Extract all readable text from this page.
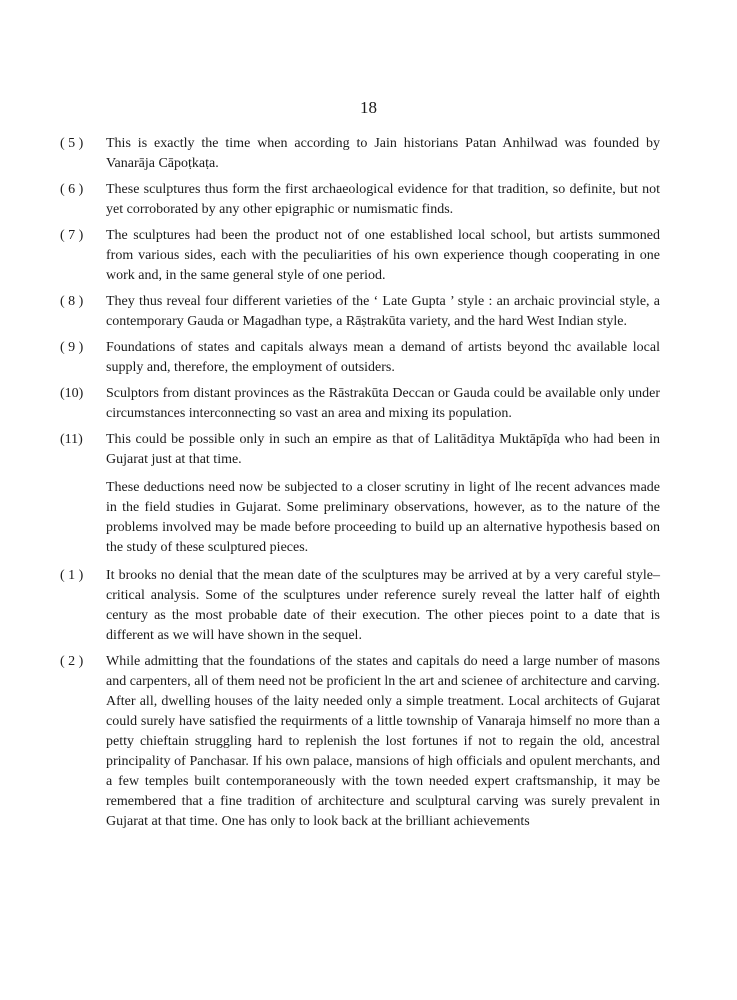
18
( 5 )	This is exactly the time when according to Jain historians Patan Anhilwad was founded by Vanarāja Cāpoṭkaṭa.
( 6 )	These sculptures thus form the first archaeological evidence for that tradition, so definite, but not yet corroborated by any other epigraphic or numismatic finds.
( 7 )	The sculptures had been the product not of one established local school, but artists summoned from various sides, each with the peculiarities of his own experience though cooperating in one work and, in the same general style of one period.
( 8 )	They thus reveal four different varieties of the ‘ Late Gupta ’ style : an archaic provincial style, a contemporary Gauda or Magadhan type, a Rāṣtrakūta variety, and the hard West Indian style.
( 9 )	Foundations of states and capitals always mean a demand of artists beyond thc available local supply and, therefore, the employment of outsiders.
(10)	Sculptors from distant provinces as the Rāstrakūta Deccan or Gauda could be available only under circumstances interconnecting so vast an area and mixing its population.
(11)	This could be possible only in such an empire as that of Lalitāditya Muktāpīḍa who had been in Gujarat just at that time.

These deductions need now be subjected to a closer scrutiny in light of lhe recent advances made in the field studies in Gujarat. Some preliminary observations, however, as to the nature of the problems involved may be made before proceeding to build up an alternative hypothesis based on the study of these sculptured pieces.

( 1 )	It brooks no denial that the mean date of the sculptures may be arrived at by a very careful style–critical analysis. Some of the sculptures under reference surely reveal the latter half of eighth century as the most probable date of their execution. The other pieces point to a date that is different as we will have shown in the sequel.
( 2 )	While admitting that the foundations of the states and capitals do need a large number of masons and carpenters, all of them need not be proficient ln the art and scienee of architecture and carving. After all, dwelling houses of the laity needed only a simple treatment. Local architects of Gujarat could surely have satisfied the requirments of a little township of Vanaraja himself no more than a petty chieftain struggling hard to replenish the lost fortunes if not to regain the old, ancestral principality of Panchasar. If his own palace, mansions of high officials and opulent merchants, and a few temples built contemporaneously with the town needed expert craftsmanship, it may be remembered that a fine tradition of architecture and sculptural carving was surely prevalent in Gujarat at that time. One has only to look back at the brilliant achievements
